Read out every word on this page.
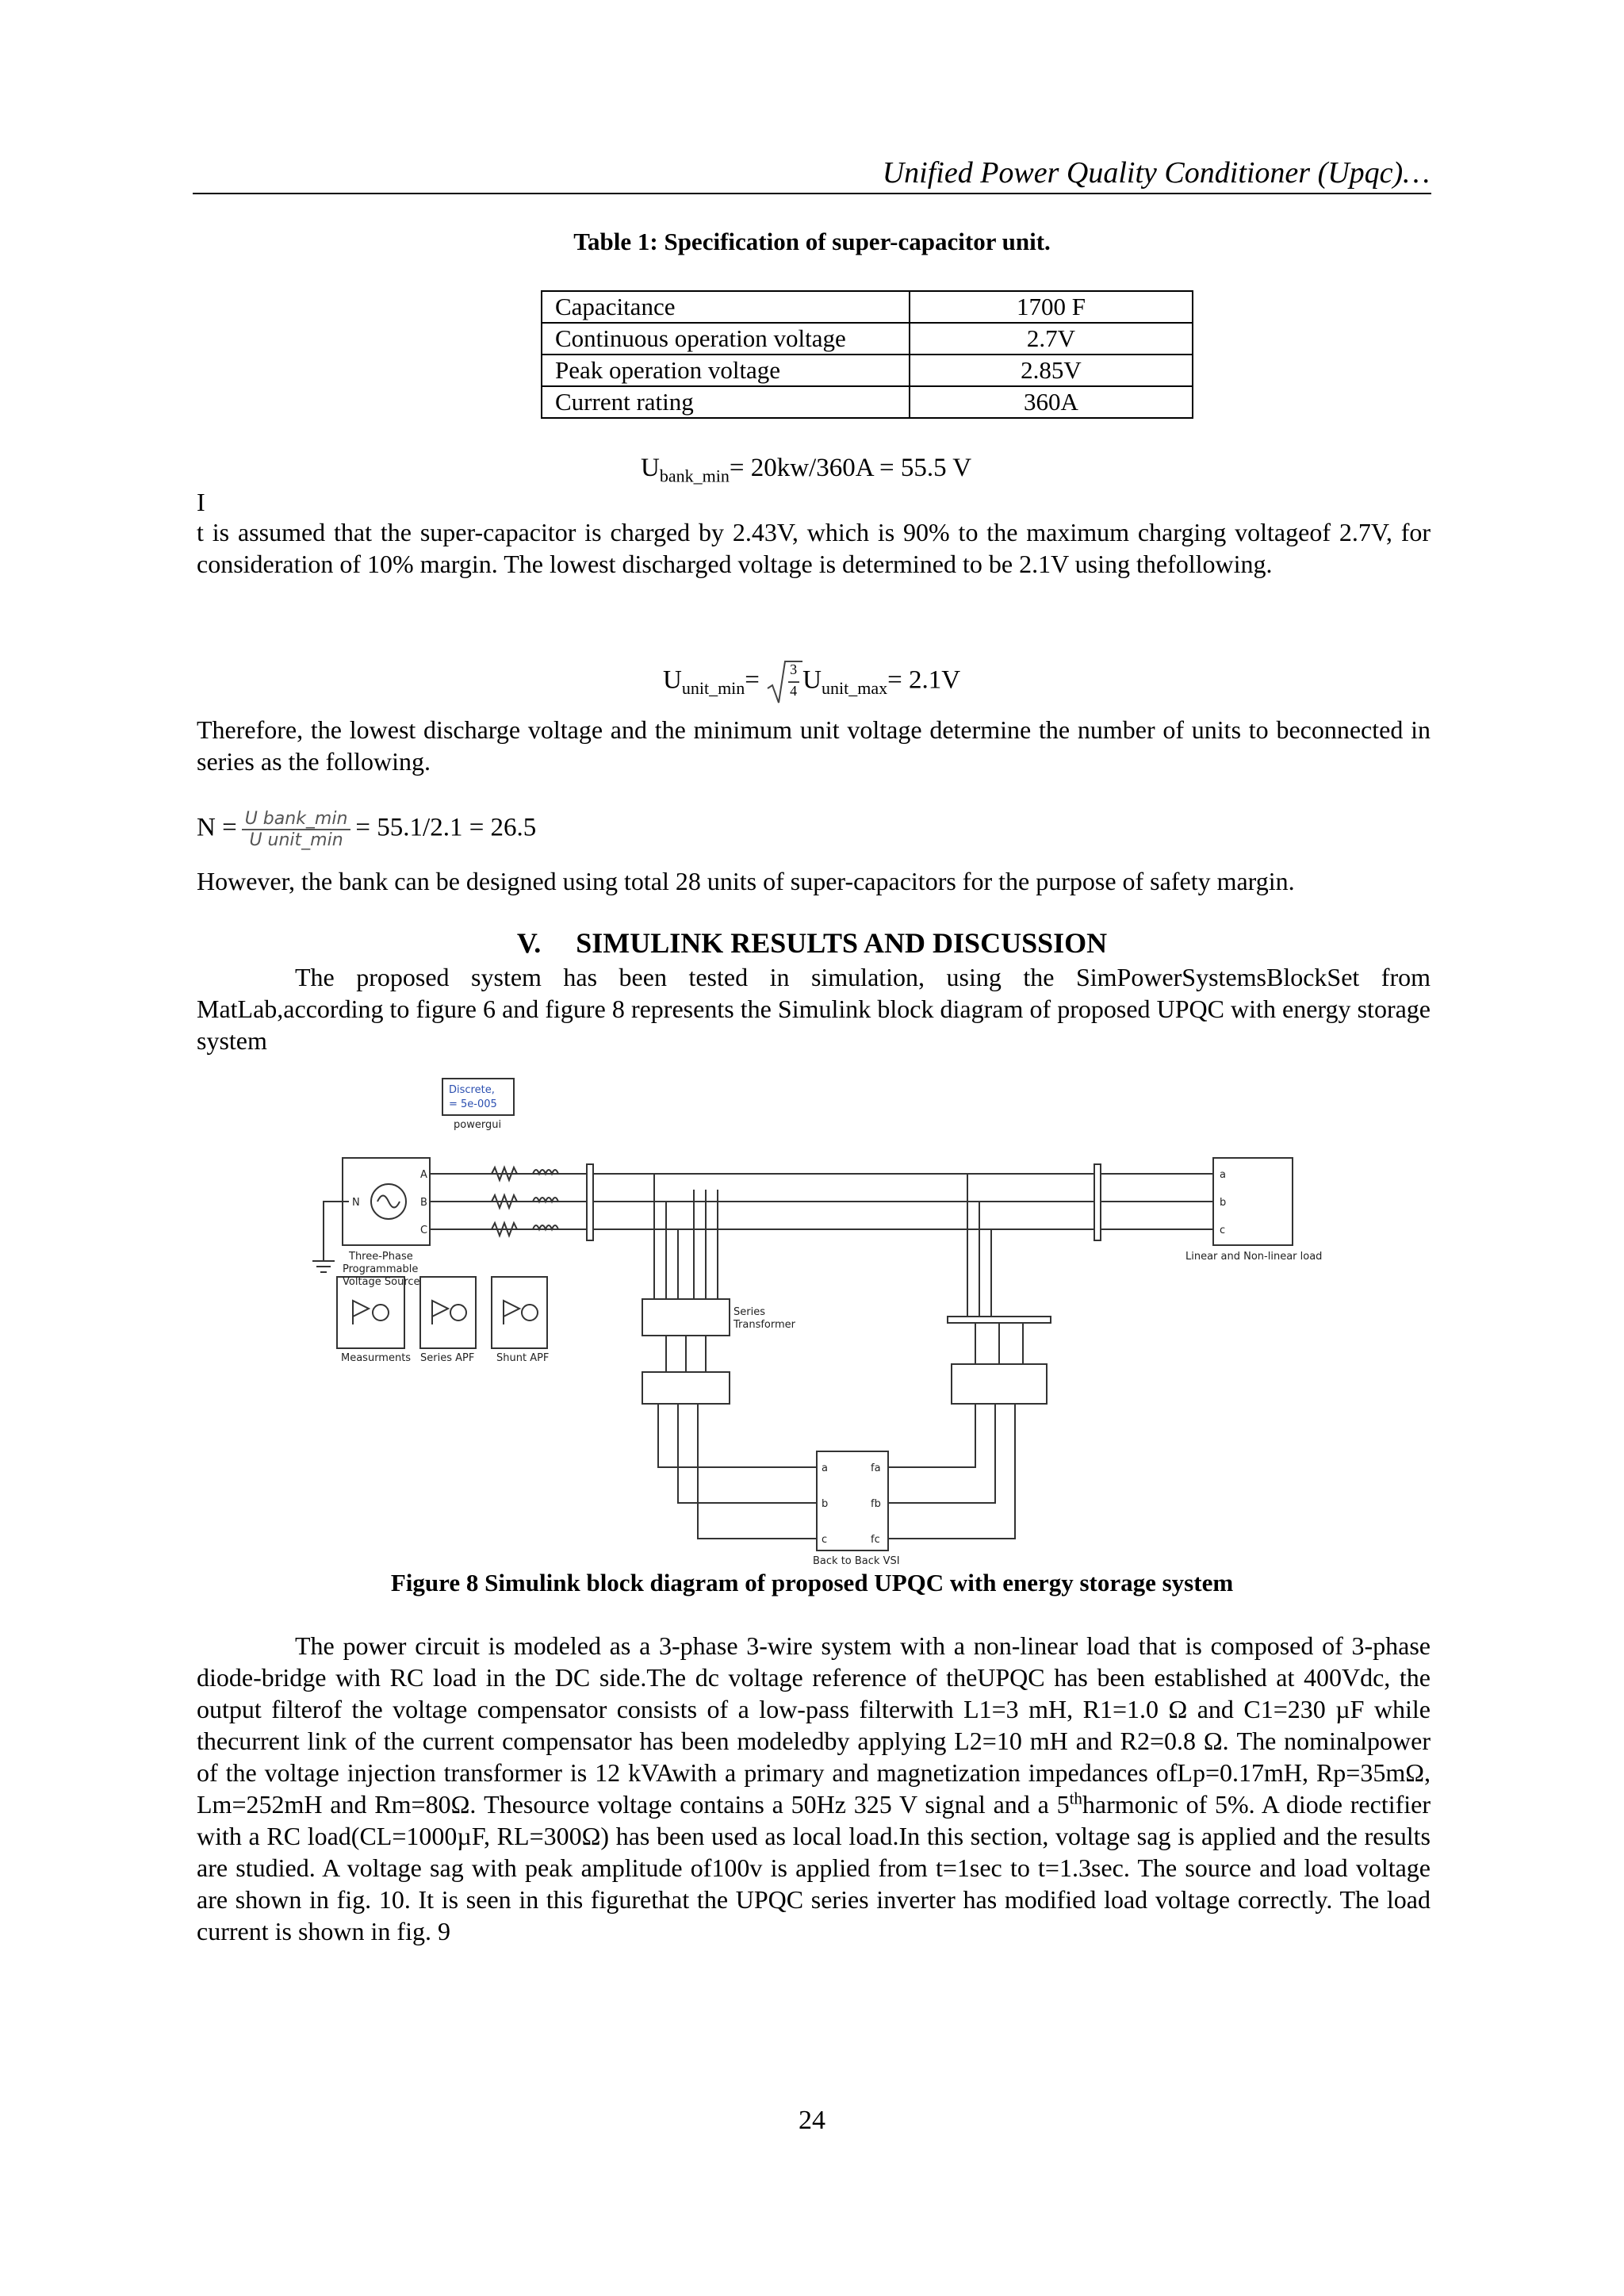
Unified Power Quality Conditioner (Upqc)…
Table 1: Specification of super-capacitor unit.
Capacitance	1700 F
Continuous operation voltage	2.7V
Peak operation voltage	2.85V
Current rating	360A
$U_{bank\_min}= 20kw/360A = 55.5$ V
I
t is assumed that the super-capacitor is charged by 2.43V, which is 90% to the maximum charging voltageof 2.7V, for consideration of 10% margin. The lowest discharged voltage is determined to be 2.1V using thefollowing.
$U_{unit\_min}= 3$
4 $U_{unit\_max}= 2.1V$
Therefore, the lowest discharge voltage and the minimum unit voltage determine the number of units to beconnected in series as the following.
$N = \frac{\text{U bank\_min}}{\text{U unit\_min}} = 55.1/2.1 = 26.5$
However, the bank can be designed using total 28 units of super-capacitors for the purpose of safety margin.
V. SIMULINK RESULTS AND DISCUSSION
The proposed system has been tested in simulation, using the SimPowerSystemsBlockSet from MatLab,according to figure 6 and figure 8 represents the Simulink block diagram of proposed UPQC with energy storage system
Discrete,
= 5e-005
powergui
A
B
C
N
Three-Phase
Programmable
Voltage Source
a
b
c
Linear and Non-linear load
Series
Transformer
Measurments Series APF Shunt APF
a
b
c
fa
fb
fc
Back to Back VSI
Figure 8 Simulink block diagram of proposed UPQC with energy storage system
The power circuit is modeled as a 3-phase 3-wire system with a non-linear load that is composed of 3-phase diode-bridge with RC load in the DC side.The dc voltage reference of theUPQC has been established at 400Vdc, the output filterof the voltage compensator consists of a low-pass filterwith L1=3 mH, R1=1.0 Ω and C1=230 µF while thecurrent link of the current compensator has been modeledby applying L2=10 mH and R2=0.8 Ω. The nominalpower of the voltage injection transformer is 12 kVAwith a primary and magnetization impedances ofLp=0.17mH, Rp=35mΩ, Lm=252mH and Rm=80Ω. Thesource voltage contains a 50Hz 325 V signal and a 5thharmonic of 5%. A diode rectifier with a RC load(CL=1000µF, RL=300Ω) has been used as local load.In this section, voltage sag is applied and the results are studied. A voltage sag with peak amplitude of100v is applied from t=1sec to t=1.3sec. The source and load voltage are shown in fig. 10. It is seen in this figurethat the UPQC series inverter has modified load voltage correctly. The load current is shown in fig. 9
24
